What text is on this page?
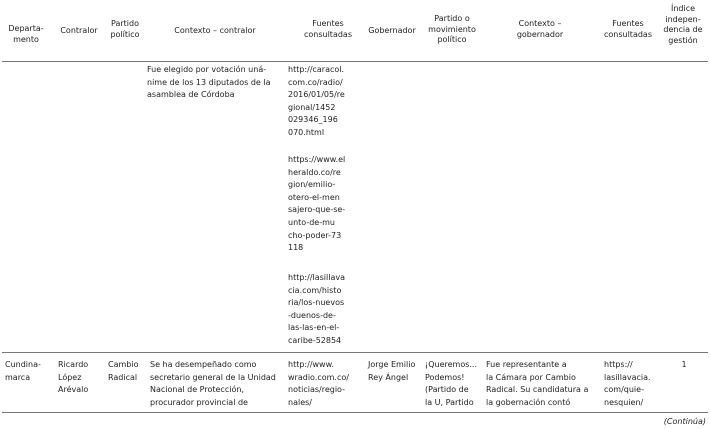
Departa-
mento
Contralor
Partido
político	Contexto – contralor
Fuentes
consultadas	Gobernador
Partido o
movimiento
político
Contexto –
gobernador
Fuentes
consultadas
Índice
indepen-
dencia de
gestión
Fue elegido por votación uná-
nime de los 13 diputados de la
asamblea de Córdoba
http://caracol.
com.co/radio/
2016/01/05/re
gional/1452
029346_196
070.html
https://www.el
heraldo.co/re
gion/emilio-
otero-el-men
sajero-que-se-
unto-de-mu
cho-poder-73
118
http://lasillava
cia.com/histo
ria/los-nuevos
-duenos-de-
las-las-en-el-
caribe-52854
Cundina-
marca
Ricardo
López
Arévalo
Cambio
Radical
Se ha desempeñado como
secretario general de la Unidad
Nacional de Protección,
procurador provincial de
http://www.
wradio.com.co/
noticias/regio-
nales/
Jorge Emilio
Rey Ángel
¡Queremos...
Podemos!
(Partido de
la U, Partido
Fue representante a
la Cámara por Cambio
Radical. Su candidatura a
la gobernación contó
https://
lasillavacia.
com/quie-
nesquien/
1
(Continúa)
